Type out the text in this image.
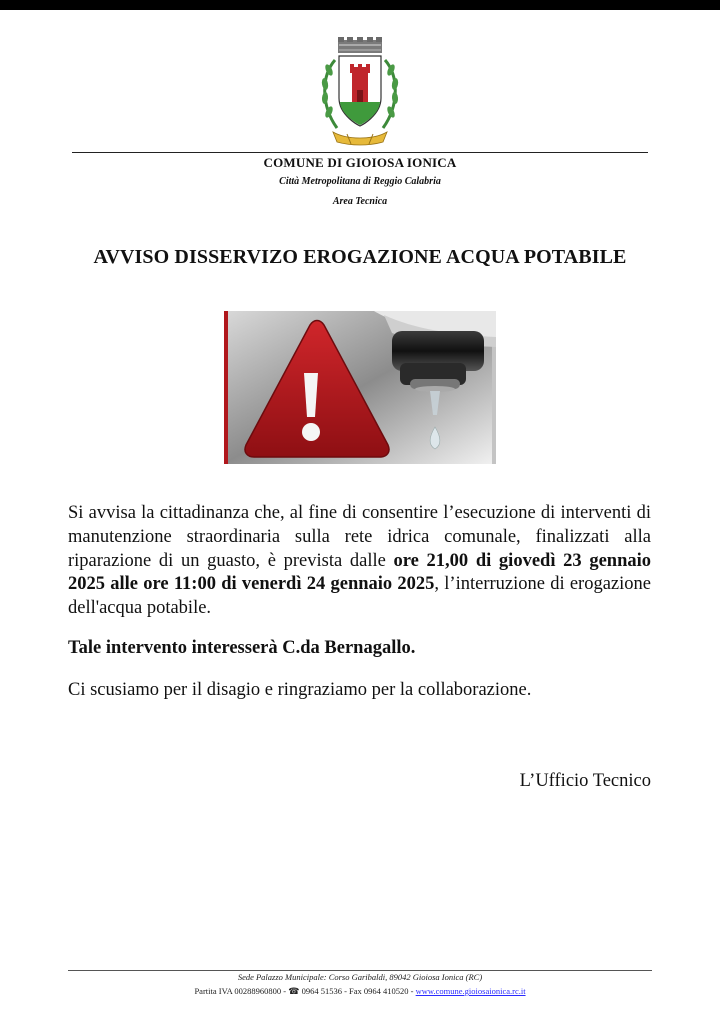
COMUNE DI GIOIOSA IONICA
Città Metropolitana di Reggio Calabria
Area Tecnica
AVVISO DISSERVIZO EROGAZIONE ACQUA POTABILE
Si avvisa la cittadinanza che, al fine di consentire l’esecuzione di interventi di manutenzione straordinaria sulla rete idrica comunale, finalizzati alla riparazione di un guasto, è prevista dalle ore 21,00 di giovedì 23 gennaio 2025 alle ore 11:00 di venerdì 24 gennaio 2025, l’interruzione di erogazione dell'acqua potabile.
Tale intervento interesserà C.da Bernagallo.
Ci scusiamo per il disagio e ringraziamo per la collaborazione.
L’Ufficio Tecnico
Sede Palazzo Municipale: Corso Garibaldi, 89042 Gioiosa Ionica (RC)
Partita IVA 00288960800 - ☎ 0964 51536 - Fax 0964 410520 - www.comune.gioiosaionica.rc.it
